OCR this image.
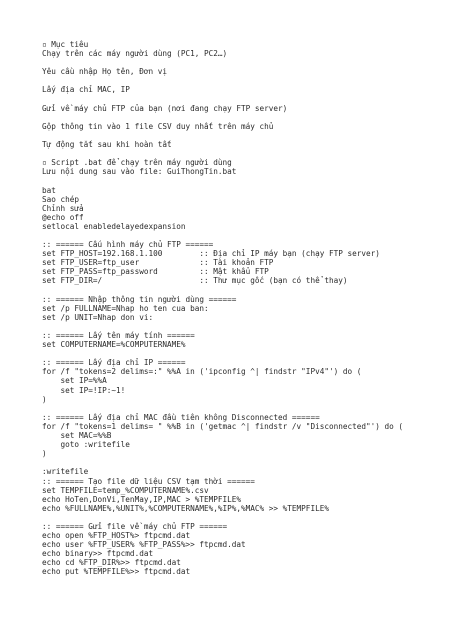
▫ Mục tiêu
Chạy trên các máy người dùng (PC1, PC2…)
Yêu cầu nhập Họ tên, Đơn vị
Lấy địa chỉ MAC, IP
Gửi về máy chủ FTP của bạn (nơi đang chạy FTP server)
Gộp thông tin vào 1 file CSV duy nhất trên máy chủ
Tự động tắt sau khi hoàn tất
▫ Script .bat để chạy trên máy người dùng
Lưu nội dung sau vào file: GuiThongTin.bat
bat
Sao chép
Chỉnh sửa
@echo off
setlocal enabledelayedexpansion
:: ====== Cấu hình máy chủ FTP ======
set FTP_HOST=192.168.1.100        :: Địa chỉ IP máy bạn (chạy FTP server)
set FTP_USER=ftp_user             :: Tài khoản FTP
set FTP_PASS=ftp_password         :: Mật khẩu FTP
set FTP_DIR=/                     :: Thư mục gốc (bạn có thể thay)
:: ====== Nhập thông tin người dùng ======
set /p FULLNAME=Nhap ho ten cua ban:
set /p UNIT=Nhap don vi:
:: ====== Lấy tên máy tính ======
set COMPUTERNAME=%COMPUTERNAME%
:: ====== Lấy địa chỉ IP ======
for /f "tokens=2 delims=:" %%A in ('ipconfig ^| findstr "IPv4"') do (
set IP=%%A
set IP=!IP:~1!
)
:: ====== Lấy địa chỉ MAC đầu tiên không Disconnected ======
for /f "tokens=1 delims= " %%B in ('getmac ^| findstr /v "Disconnected"') do (
set MAC=%%B
goto :writefile
)
:writefile
:: ====== Tạo file dữ liệu CSV tạm thời ======
set TEMPFILE=temp_%COMPUTERNAME%.csv
echo HoTen,DonVi,TenMay,IP,MAC > %TEMPFILE%
echo %FULLNAME%,%UNIT%,%COMPUTERNAME%,%IP%,%MAC% >> %TEMPFILE%
:: ====== Gửi file về máy chủ FTP ======
echo open %FTP_HOST%> ftpcmd.dat
echo user %FTP_USER% %FTP_PASS%>> ftpcmd.dat
echo binary>> ftpcmd.dat
echo cd %FTP_DIR%>> ftpcmd.dat
echo put %TEMPFILE%>> ftpcmd.dat
